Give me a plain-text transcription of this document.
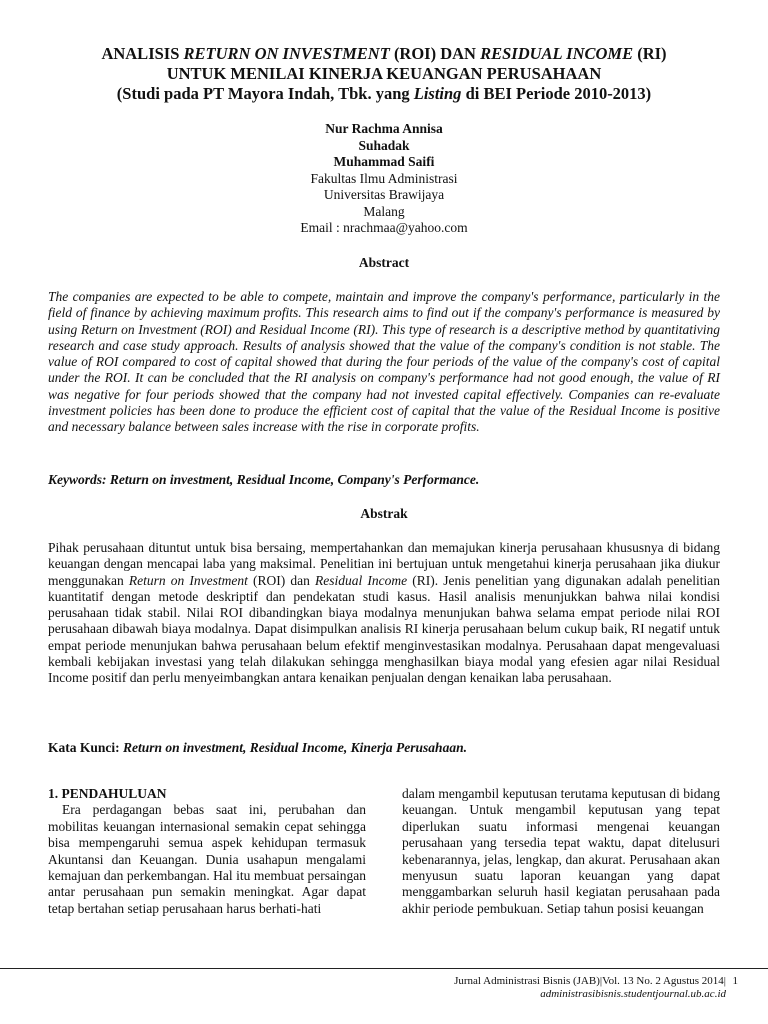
ANALISIS RETURN ON INVESTMENT (ROI) DAN RESIDUAL INCOME (RI)
UNTUK MENILAI KINERJA KEUANGAN PERUSAHAAN
(Studi pada PT Mayora Indah, Tbk. yang Listing di BEI Periode 2010-2013)
Nur Rachma Annisa
Suhadak
Muhammad Saifi
Fakultas Ilmu Administrasi
Universitas Brawijaya
Malang
Email : nrachmaa@yahoo.com
Abstract
The companies are expected to be able to compete, maintain and improve the company's performance, particularly in the field of finance by achieving maximum profits. This research aims to find out if the company's performance is measured by using Return on Investment (ROI) and Residual Income (RI). This type of research is a descriptive method by quantitativing research and case study approach. Results of analysis showed that the value of the company's condition is not stable. The value of ROI compared to cost of capital showed that during the four periods of the value of the company's cost of capital under the ROI. It can be concluded that the RI analysis on company's performance had not good enough, the value of RI was negative for four periods showed that the company had not invested capital effectively. Companies can re-evaluate investment policies has been done to produce the efficient cost of capital that the value of the Residual Income is positive and necessary balance between sales increase with the rise in corporate profits.
Keywords: Return on investment, Residual Income, Company's Performance.
Abstrak
Pihak perusahaan dituntut untuk bisa bersaing, mempertahankan dan memajukan kinerja perusahaan khususnya di bidang keuangan dengan mencapai laba yang maksimal. Penelitian ini bertujuan untuk mengetahui kinerja perusahaan jika diukur menggunakan Return on Investment (ROI) dan Residual Income (RI). Jenis penelitian yang digunakan adalah penelitian kuantitatif dengan metode deskriptif dan pendekatan studi kasus. Hasil analisis menunjukkan bahwa nilai kondisi perusahaan tidak stabil. Nilai ROI dibandingkan biaya modalnya menunjukan bahwa selama empat periode nilai ROI perusahaan dibawah biaya modalnya. Dapat disimpulkan analisis RI kinerja perusahaan belum cukup baik, RI negatif untuk empat periode menunjukan bahwa perusahaan belum efektif menginvestasikan modalnya. Perusahaan dapat mengevaluasi kembali kebijakan investasi yang telah dilakukan sehingga menghasilkan biaya modal yang efesien agar nilai Residual Income positif dan perlu menyeimbangkan antara kenaikan penjualan dengan kenaikan laba perusahaan.
Kata Kunci: Return on investment, Residual Income, Kinerja Perusahaan.
1. PENDAHULUAN

Era perdagangan bebas saat ini, perubahan dan mobilitas keuangan internasional semakin cepat sehingga bisa mempengaruhi semua aspek kehidupan termasuk Akuntansi dan Keuangan. Dunia usahapun mengalami kemajuan dan perkembangan. Hal itu membuat persaingan antar perusahaan pun semakin meningkat. Agar dapat tetap bertahan setiap perusahaan harus berhati-hati

dalam mengambil keputusan terutama keputusan di bidang keuangan. Untuk mengambil keputusan yang tepat diperlukan suatu informasi mengenai keuangan perusahaan yang tersedia tepat waktu, dapat ditelusuri kebenarannya, jelas, lengkap, dan akurat. Perusahaan akan menyusun suatu laporan keuangan yang dapat menggambarkan seluruh hasil kegiatan perusahaan pada akhir periode pembukuan. Setiap tahun posisi keuangan

Jurnal Administrasi Bisnis (JAB)|Vol. 13 No. 2 Agustus 2014|
administrasibisnis.studentjournal.ub.ac.id
1
